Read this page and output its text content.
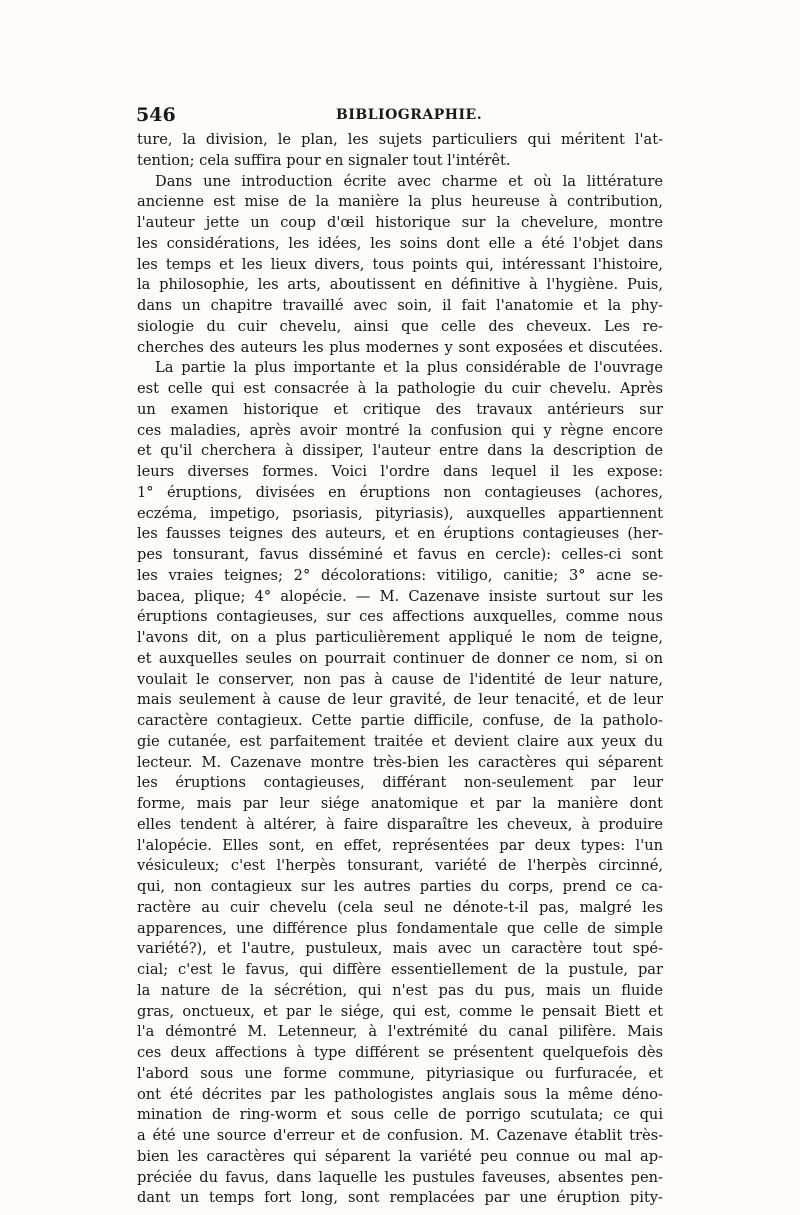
546	BIBLIOGRAPHIE.
ture, la division, le plan, les sujets particuliers qui méritent l'at-
tention; cela suffira pour en signaler tout l'intérêt.
Dans une introduction écrite avec charme et où la littérature
ancienne est mise de la manière la plus heureuse à contribution,
l'auteur jette un coup d'œil historique sur la chevelure, montre
les considérations, les idées, les soins dont elle a été l'objet dans
les temps et les lieux divers, tous points qui, intéressant l'histoire,
la philosophie, les arts, aboutissent en définitive à l'hygiène. Puis,
dans un chapitre travaillé avec soin, il fait l'anatomie et la phy-
siologie du cuir chevelu, ainsi que celle des cheveux. Les re-
cherches des auteurs les plus modernes y sont exposées et discutées.
La partie la plus importante et la plus considérable de l'ouvrage
est celle qui est consacrée à la pathologie du cuir chevelu. Après
un examen historique et critique des travaux antérieurs sur
ces maladies, après avoir montré la confusion qui y règne encore
et qu'il cherchera à dissiper, l'auteur entre dans la description de
leurs diverses formes. Voici l'ordre dans lequel il les expose:
1° éruptions, divisées en éruptions non contagieuses (achores,
eczéma, impetigo, psoriasis, pityriasis), auxquelles appartiennent
les fausses teignes des auteurs, et en éruptions contagieuses (her-
pes tonsurant, favus disséminé et favus en cercle): celles-ci sont
les vraies teignes; 2° décolorations: vitiligo, canitie; 3° acne se-
bacea, plique; 4° alopécie. — M. Cazenave insiste surtout sur les
éruptions contagieuses, sur ces affections auxquelles, comme nous
l'avons dit, on a plus particulièrement appliqué le nom de teigne,
et auxquelles seules on pourrait continuer de donner ce nom, si on
voulait le conserver, non pas à cause de l'identité de leur nature,
mais seulement à cause de leur gravité, de leur tenacité, et de leur
caractère contagieux. Cette partie difficile, confuse, de la patholo-
gie cutanée, est parfaitement traitée et devient claire aux yeux du
lecteur. M. Cazenave montre très-bien les caractères qui séparent
les éruptions contagieuses, différant non-seulement par leur
forme, mais par leur siége anatomique et par la manière dont
elles tendent à altérer, à faire disparaître les cheveux, à produire
l'alopécie. Elles sont, en effet, représentées par deux types: l'un
vésiculeux; c'est l'herpès tonsurant, variété de l'herpès circinné,
qui, non contagieux sur les autres parties du corps, prend ce ca-
ractère au cuir chevelu (cela seul ne dénote-t-il pas, malgré les
apparences, une différence plus fondamentale que celle de simple
variété?), et l'autre, pustuleux, mais avec un caractère tout spé-
cial; c'est le favus, qui diffère essentiellement de la pustule, par
la nature de la sécrétion, qui n'est pas du pus, mais un fluide
gras, onctueux, et par le siége, qui est, comme le pensait Biett et
l'a démontré M. Letenneur, à l'extrémité du canal pilifère. Mais
ces deux affections à type différent se présentent quelquefois dès
l'abord sous une forme commune, pityriasique ou furfuracée, et
ont été décrites par les pathologistes anglais sous la même déno-
mination de ring-worm et sous celle de porrigo scutulata; ce qui
a été une source d'erreur et de confusion. M. Cazenave établit très-
bien les caractères qui séparent la variété peu connue ou mal ap-
préciée du favus, dans laquelle les pustules faveuses, absentes pen-
dant un temps fort long, sont remplacées par une éruption pity-
